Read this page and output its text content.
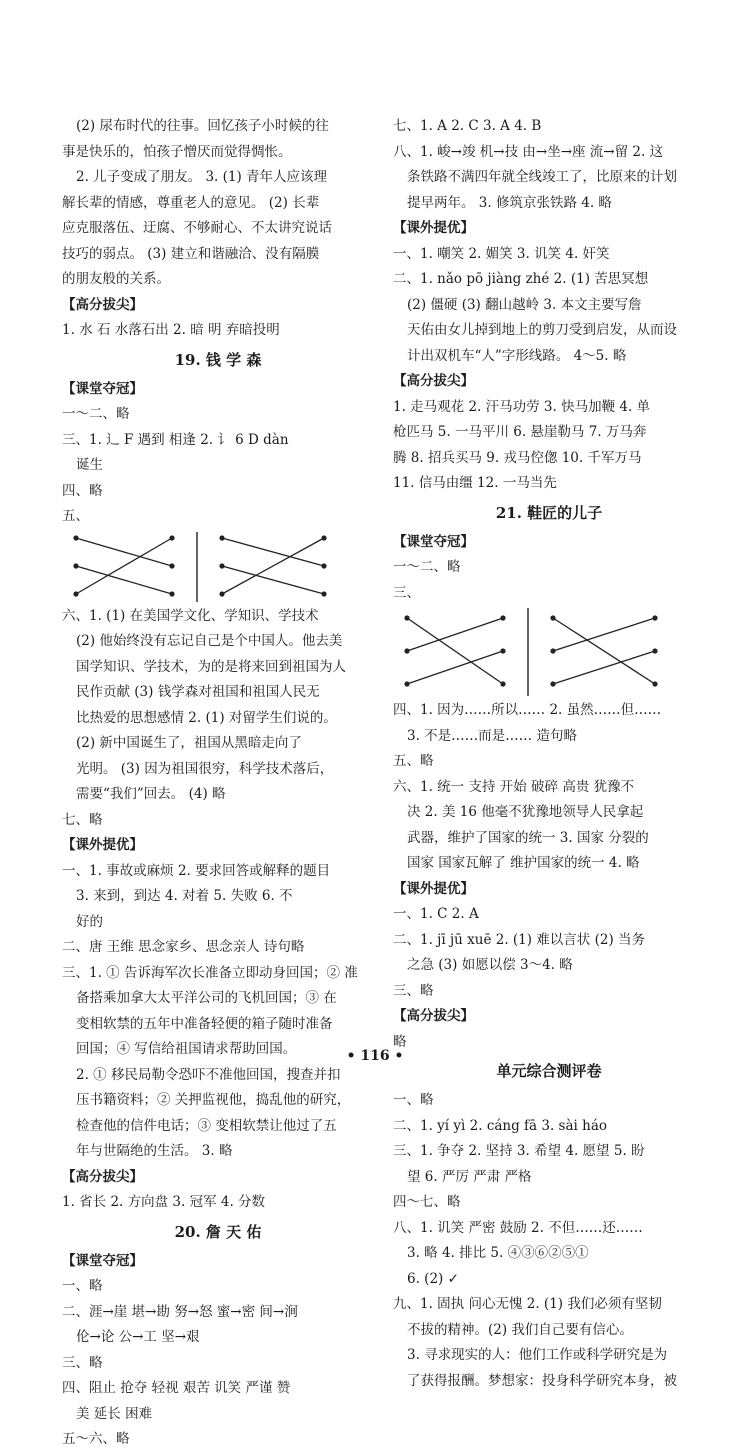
(2) 尿布时代的往事。回忆孩子小时候的往
事是快乐的，怕孩子憎厌而觉得惆怅。
2. 儿子变成了朋友。 3. (1) 青年人应该理
解长辈的情感，尊重老人的意见。 (2) 长辈
应克服落伍、迂腐、不够耐心、不太讲究说话
技巧的弱点。 (3) 建立和谐融洽、没有隔膜
的朋友般的关系。
【高分拔尖】
1. 水 石 水落石出 2. 暗 明 弃暗投明
19. 钱 学 森
【课堂夺冠】
一～二、略
三、1. 辶 F 遇到 相逢 2. 讠 6 D dàn
诞生
四、略
五、
六、1. (1) 在美国学文化、学知识、学技术
(2) 他始终没有忘记自己是个中国人。他去美
国学知识、学技术，为的是将来回到祖国为人
民作贡献 (3) 钱学森对祖国和祖国人民无
比热爱的思想感情 2. (1) 对留学生们说的。
(2) 新中国诞生了，祖国从黑暗走向了
光明。 (3) 因为祖国很穷，科学技术落后，
需要“我们”回去。 (4) 略
七、略
【课外提优】
一、1. 事故或麻烦 2. 要求回答或解释的题目
3. 来到，到达 4. 对着 5. 失败 6. 不
好的
二、唐 王维 思念家乡、思念亲人 诗句略
三、1. ① 告诉海军次长准备立即动身回国；② 准
备搭乘加拿大太平洋公司的飞机回国；③ 在
变相软禁的五年中准备轻便的箱子随时准备
回国；④ 写信给祖国请求帮助回国。
2. ① 移民局勒令恐吓不准他回国，搜查并扣
压书籍资料；② 关押监视他，捣乱他的研究，
检查他的信件电话；③ 变相软禁让他过了五
年与世隔绝的生活。 3. 略
【高分拔尖】
1. 省长 2. 方向盘 3. 冠军 4. 分数
20. 詹 天 佑
【课堂夺冠】
一、略
二、涯→崖 堪→勘 努→怒 蜜→密 间→涧
伦→论 公→工 坚→艰
三、略
四、阻止 抢夺 轻视 艰苦 讥笑 严谨 赞
美 延长 困难
五～六、略
七、1. A 2. C 3. A 4. B
八、1. 峻→竣 机→技 由→坐→座 流→留 2. 这
条铁路不满四年就全线竣工了，比原来的计划
提早两年。 3. 修筑京张铁路 4. 略
【课外提优】
一、1. 嘲笑 2. 媚笑 3. 讥笑 4. 奸笑
二、1. nǎo pō jiàng zhé 2. (1) 苦思冥想
(2) 僵硬 (3) 翻山越岭 3. 本文主要写詹
天佑由女儿掉到地上的剪刀受到启发，从而设
计出双机车“人”字形线路。 4～5. 略
【高分拔尖】
1. 走马观花 2. 汗马功劳 3. 快马加鞭 4. 单
枪匹马 5. 一马平川 6. 悬崖勒马 7. 万马奔
腾 8. 招兵买马 9. 戎马倥偬 10. 千军万马
11. 信马由缰 12. 一马当先
21. 鞋匠的儿子
【课堂夺冠】
一～二、略
三、
四、1. 因为……所以…… 2. 虽然……但……
3. 不是……而是…… 造句略
五、略
六、1. 统一 支持 开始 破碎 高贵 犹豫不
决 2. 美 16 他毫不犹豫地领导人民拿起
武器，维护了国家的统一 3. 国家 分裂的
国家 国家瓦解了 维护国家的统一 4. 略
【课外提优】
一、1. C 2. A
二、1. jī jū xuē 2. (1) 难以言状 (2) 当务
之急 (3) 如愿以偿 3～4. 略
三、略
【高分拔尖】
略
单元综合测评卷
一、略
二、1. yí yì 2. cáng fā 3. sài háo
三、1. 争夺 2. 坚持 3. 希望 4. 愿望 5. 盼
望 6. 严厉 严肃 严格
四～七、略
八、1. 讥笑 严密 鼓励 2. 不但……还……
3. 略 4. 排比 5. ④③⑥②⑤①
6. (2) ✓
九、1. 固执 问心无愧 2. (1) 我们必须有坚韧
不拔的精神。(2) 我们自己要有信心。
3. 寻求现实的人：他们工作或科学研究是为
了获得报酬。梦想家：投身科学研究本身，被
• 116 •
